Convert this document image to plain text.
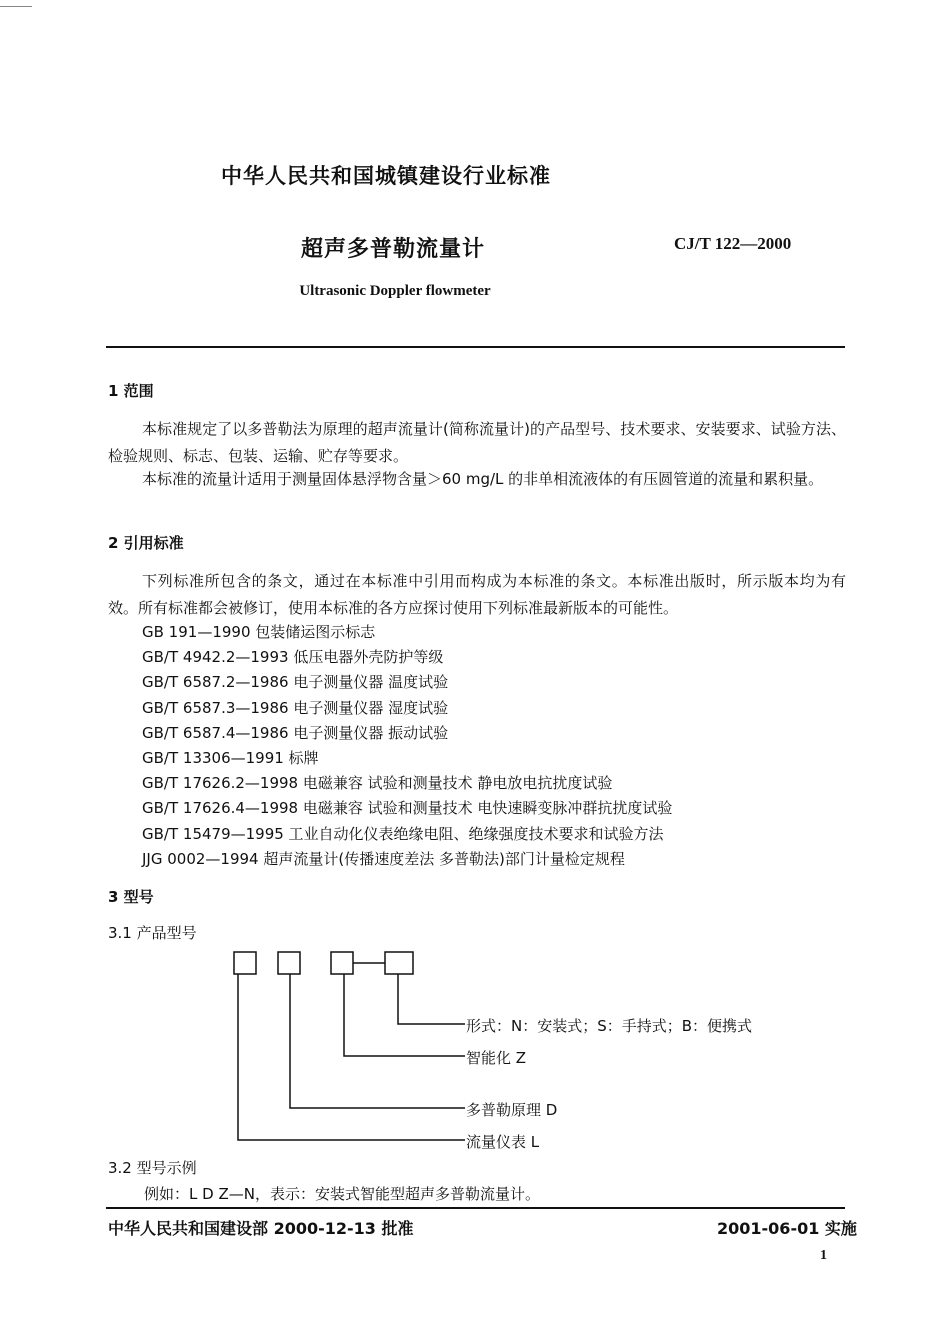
中华人民共和国城镇建设行业标准
超声多普勒流量计	CJ/T 122—2000
Ultrasonic Doppler flowmeter
1 范围
本标准规定了以多普勒法为原理的超声流量计(简称流量计)的产品型号、技术要求、安装要求、试验方法、检验规则、标志、包装、运输、贮存等要求。
本标准的流量计适用于测量固体悬浮物含量＞60 mg/L 的非单相流液体的有压圆管道的流量和累积量。
2 引用标准
下列标准所包含的条文，通过在本标准中引用而构成为本标准的条文。本标准出版时，所示版本均为有效。所有标准都会被修订，使用本标准的各方应探讨使用下列标准最新版本的可能性。
GB 191—1990 包装储运图示标志
GB/T 4942.2—1993 低压电器外壳防护等级
GB/T 6587.2—1986 电子测量仪器 温度试验
GB/T 6587.3—1986 电子测量仪器 湿度试验
GB/T 6587.4—1986 电子测量仪器 振动试验
GB/T 13306—1991 标牌
GB/T 17626.2—1998 电磁兼容 试验和测量技术 静电放电抗扰度试验
GB/T 17626.4—1998 电磁兼容 试验和测量技术 电快速瞬变脉冲群抗扰度试验
GB/T 15479—1995 工业自动化仪表绝缘电阻、绝缘强度技术要求和试验方法
JJG 0002—1994 超声流量计(传播速度差法 多普勒法)部门计量检定规程
3 型号
3.1 产品型号
形式：N：安装式；S：手持式；B：便携式
智能化 Z
多普勒原理 D
流量仪表 L
3.2 型号示例
例如：L D Z—N，表示：安装式智能型超声多普勒流量计。
中华人民共和国建设部 2000-12-13 批准	2001-06-01 实施
1
